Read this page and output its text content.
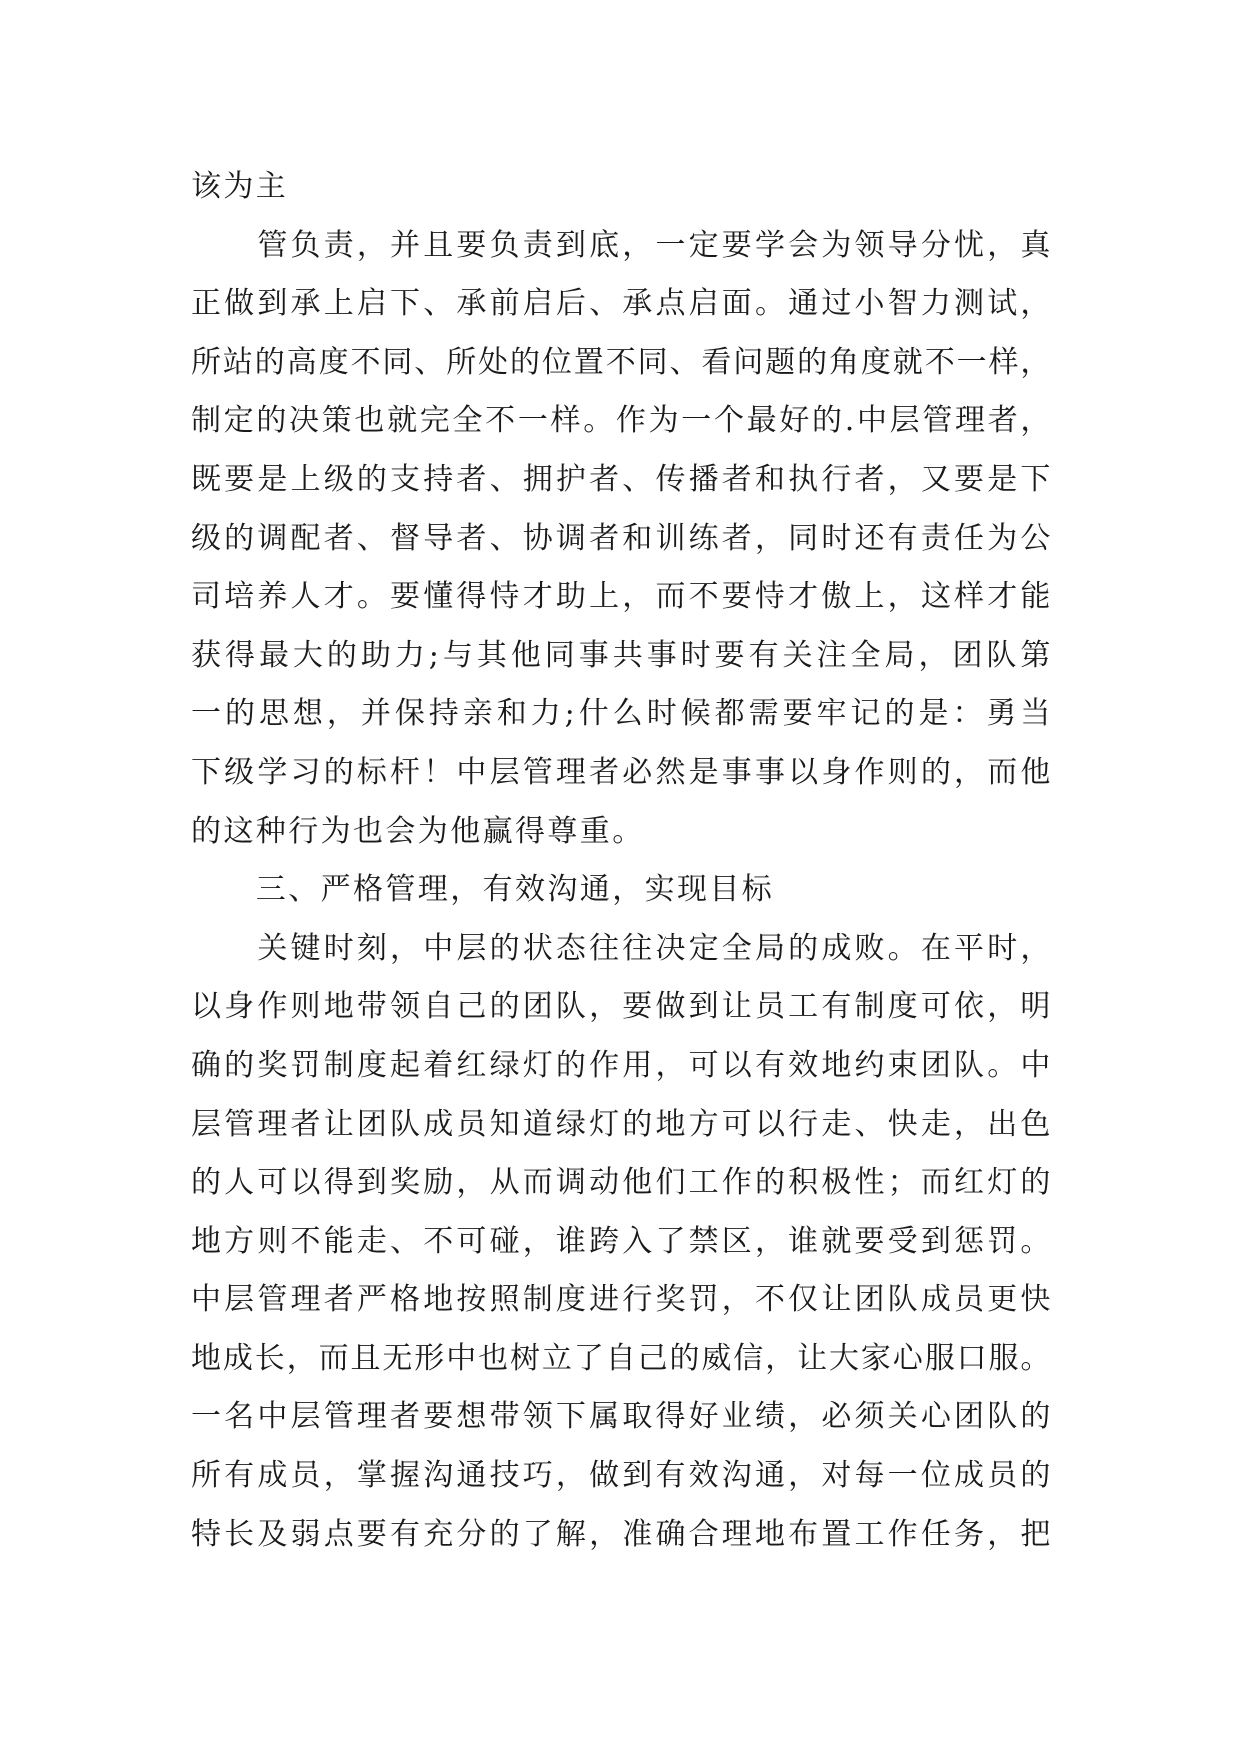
该为主
　　管负责，并且要负责到底，一定要学会为领导分忧，真
正做到承上启下、承前启后、承点启面。通过小智力测试，
所站的高度不同、所处的位置不同、看问题的角度就不一样，
制定的决策也就完全不一样。作为一个最好的.中层管理者，
既要是上级的支持者、拥护者、传播者和执行者，又要是下
级的调配者、督导者、协调者和训练者，同时还有责任为公
司培养人才。要懂得恃才助上，而不要恃才傲上，这样才能
获得最大的助力;与其他同事共事时要有关注全局，团队第
一的思想，并保持亲和力;什么时候都需要牢记的是：勇当
下级学习的标杆！中层管理者必然是事事以身作则的，而他
的这种行为也会为他赢得尊重。
　　三、严格管理，有效沟通，实现目标
　　关键时刻，中层的状态往往决定全局的成败。在平时，
以身作则地带领自己的团队，要做到让员工有制度可依，明
确的奖罚制度起着红绿灯的作用，可以有效地约束团队。中
层管理者让团队成员知道绿灯的地方可以行走、快走，出色
的人可以得到奖励，从而调动他们工作的积极性；而红灯的
地方则不能走、不可碰，谁跨入了禁区，谁就要受到惩罚。
中层管理者严格地按照制度进行奖罚，不仅让团队成员更快
地成长，而且无形中也树立了自己的威信，让大家心服口服。
一名中层管理者要想带领下属取得好业绩，必须关心团队的
所有成员，掌握沟通技巧，做到有效沟通，对每一位成员的
特长及弱点要有充分的了解，准确合理地布置工作任务，把
